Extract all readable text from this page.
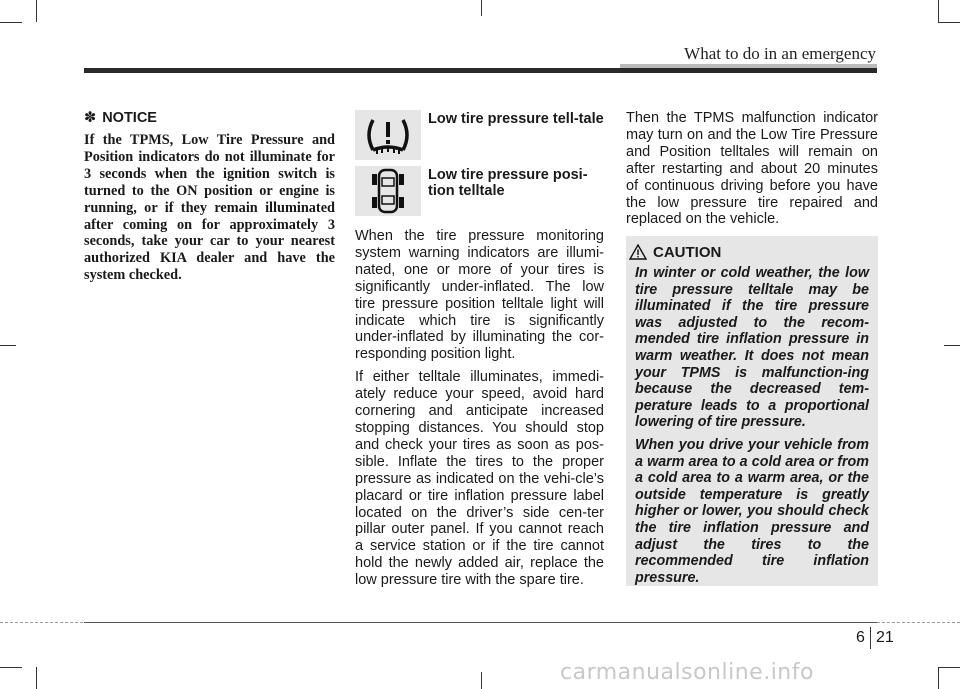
What to do in an emergency
✽ NOTICE

If the TPMS, Low Tire Pressure and Position indicators do not illuminate for 3 seconds when the ignition switch is turned to the ON position or engine is running, or if they remain illuminated after coming on for approximately 3 seconds, take your car to your nearest authorized KIA dealer and have the system checked.

Low tire pressure tell-tale
Low tire pressure posi-tion telltale

When the tire pressure monitoring system warning indicators are illumi-nated, one or more of your tires is significantly under-inflated. The low tire pressure position telltale light will indicate which tire is significantly under-inflated by illuminating the cor-responding position light.

If either telltale illuminates, immedi-ately reduce your speed, avoid hard cornering and anticipate increased stopping distances. You should stop and check your tires as soon as pos-sible. Inflate the tires to the proper pressure as indicated on the vehi-cle’s placard or tire inflation pressure label located on the driver’s side cen-ter pillar outer panel. If you cannot reach a service station or if the tire cannot hold the newly added air, replace the low pressure tire with the spare tire.

Then the TPMS malfunction indicator may turn on and the Low Tire Pressure and Position telltales will remain on after restarting and about 20 minutes of continuous driving before you have the low pressure tire repaired and replaced on the vehicle.

CAUTION

In winter or cold weather, the low tire pressure telltale may be illuminated if the tire pressure was adjusted to the recom-mended tire inflation pressure in warm weather. It does not mean your TPMS is malfunction-ing because the decreased tem-perature leads to a proportional lowering of tire pressure.

When you drive your vehicle from a warm area to a cold area or from a cold area to a warm area, or the outside temperature is greatly higher or lower, you should check the tire inflation pressure and adjust the tires to the recommended tire inflation pressure.

6 21
carmanualsonline.info
